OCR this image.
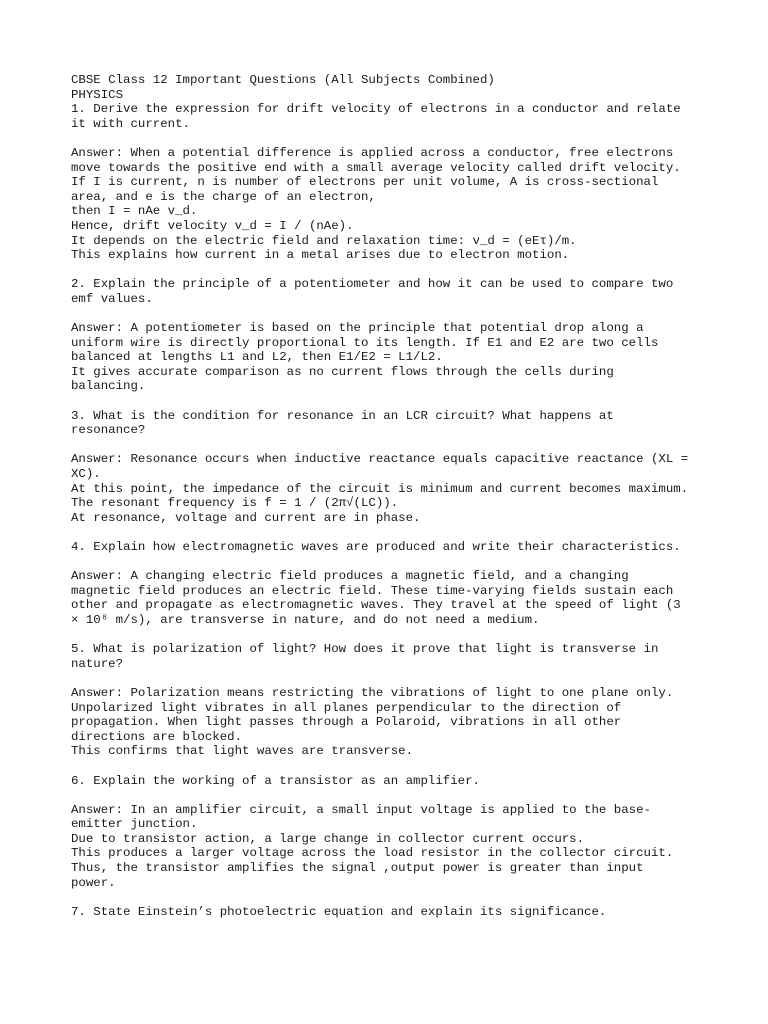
CBSE Class 12 Important Questions (All Subjects Combined)
PHYSICS
1. Derive the expression for drift velocity of electrons in a conductor and relate
it with current.
Answer: When a potential difference is applied across a conductor, free electrons
move towards the positive end with a small average velocity called drift velocity.
If I is current, n is number of electrons per unit volume, A is cross-sectional
area, and e is the charge of an electron,
then I = nAe v_d.
Hence, drift velocity v_d = I / (nAe).
It depends on the electric field and relaxation time: v_d = (eEτ)/m.
This explains how current in a metal arises due to electron motion.
2. Explain the principle of a potentiometer and how it can be used to compare two
emf values.
Answer: A potentiometer is based on the principle that potential drop along a
uniform wire is directly proportional to its length. If E1 and E2 are two cells
balanced at lengths L1 and L2, then E1/E2 = L1/L2.
It gives accurate comparison as no current flows through the cells during
balancing.
3. What is the condition for resonance in an LCR circuit? What happens at
resonance?
Answer: Resonance occurs when inductive reactance equals capacitive reactance (XL =
XC).
At this point, the impedance of the circuit is minimum and current becomes maximum.
The resonant frequency is f = 1 / (2π√(LC)).
At resonance, voltage and current are in phase.
4. Explain how electromagnetic waves are produced and write their characteristics.
Answer: A changing electric field produces a magnetic field, and a changing
magnetic field produces an electric field. These time-varying fields sustain each
other and propagate as electromagnetic waves. They travel at the speed of light (3
× 10⁸ m/s), are transverse in nature, and do not need a medium.
5. What is polarization of light? How does it prove that light is transverse in
nature?
Answer: Polarization means restricting the vibrations of light to one plane only.
Unpolarized light vibrates in all planes perpendicular to the direction of
propagation. When light passes through a Polaroid, vibrations in all other
directions are blocked.
This confirms that light waves are transverse.
6. Explain the working of a transistor as an amplifier.
Answer: In an amplifier circuit, a small input voltage is applied to the base-
emitter junction.
Due to transistor action, a large change in collector current occurs.
This produces a larger voltage across the load resistor in the collector circuit.
Thus, the transistor amplifies the signal ,output power is greater than input
power.
7. State Einstein’s photoelectric equation and explain its significance.
